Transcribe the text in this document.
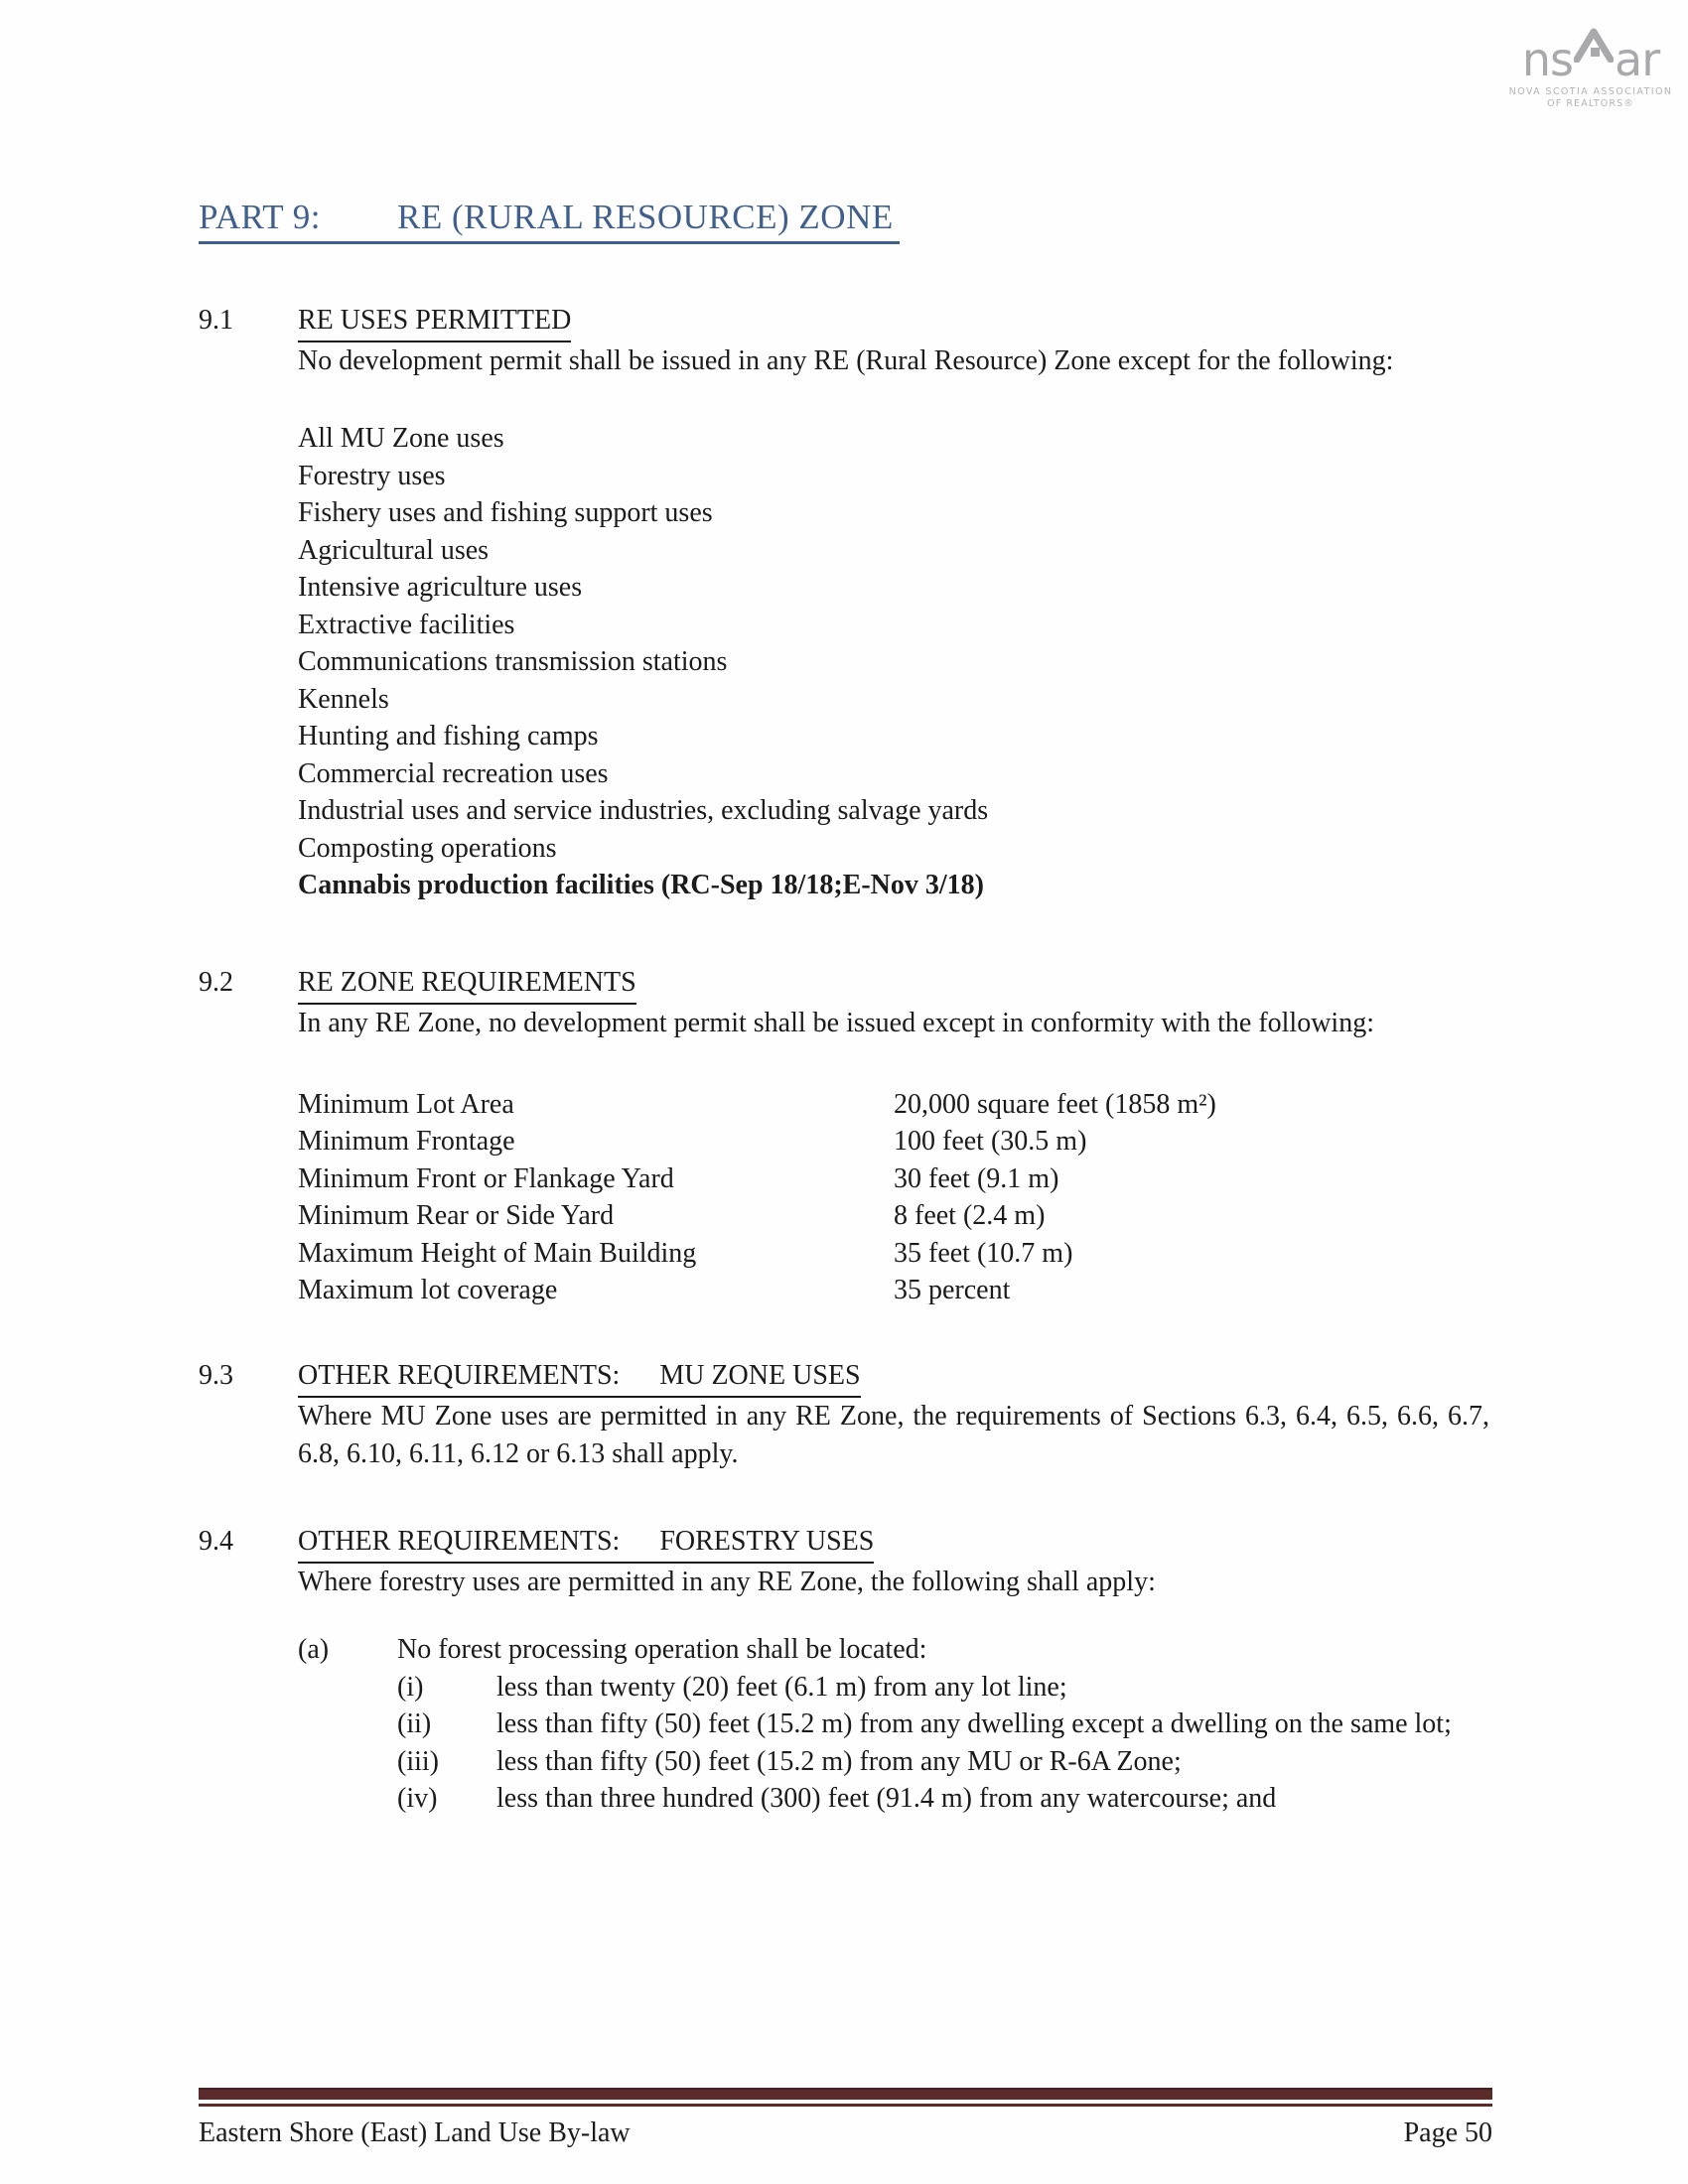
ns ar
NOVA SCOTIA ASSOCIATION
OF REALTORS®
PART 9: RE (RURAL RESOURCE) ZONE
9.1	RE USES PERMITTED

No development permit shall be issued in any RE (Rural Resource) Zone except for the following:

All MU Zone uses
Forestry uses
Fishery uses and fishing support uses
Agricultural uses
Intensive agriculture uses
Extractive facilities
Communications transmission stations
Kennels
Hunting and fishing camps
Commercial recreation uses
Industrial uses and service industries, excluding salvage yards
Composting operations
Cannabis production facilities (RC-Sep 18/18;E-Nov 3/18)
9.2	RE ZONE REQUIREMENTS

In any RE Zone, no development permit shall be issued except in conformity with the following:

Minimum Lot Area	20,000 square feet (1858 m²)
Minimum Frontage	100 feet (30.5 m)
Minimum Front or Flankage Yard	30 feet (9.1 m)
Minimum Rear or Side Yard	8 feet (2.4 m)
Maximum Height of Main Building	35 feet (10.7 m)
Maximum lot coverage	35 percent
9.3	OTHER REQUIREMENTS: MU ZONE USES

Where MU Zone uses are permitted in any RE Zone, the requirements of Sections 6.3, 6.4, 6.5, 6.6, 6.7, 6.8, 6.10, 6.11, 6.12 or 6.13 shall apply.

9.4	OTHER REQUIREMENTS: FORESTRY USES

Where forestry uses are permitted in any RE Zone, the following shall apply:

(a)	No forest processing operation shall be located:
(i)	less than twenty (20) feet (6.1 m) from any lot line;
(ii)	less than fifty (50) feet (15.2 m) from any dwelling except a dwelling on the same lot;
(iii)	less than fifty (50) feet (15.2 m) from any MU or R-6A Zone;
(iv)	less than three hundred (300) feet (91.4 m) from any watercourse; and
Eastern Shore (East) Land Use By-law	Page 50
